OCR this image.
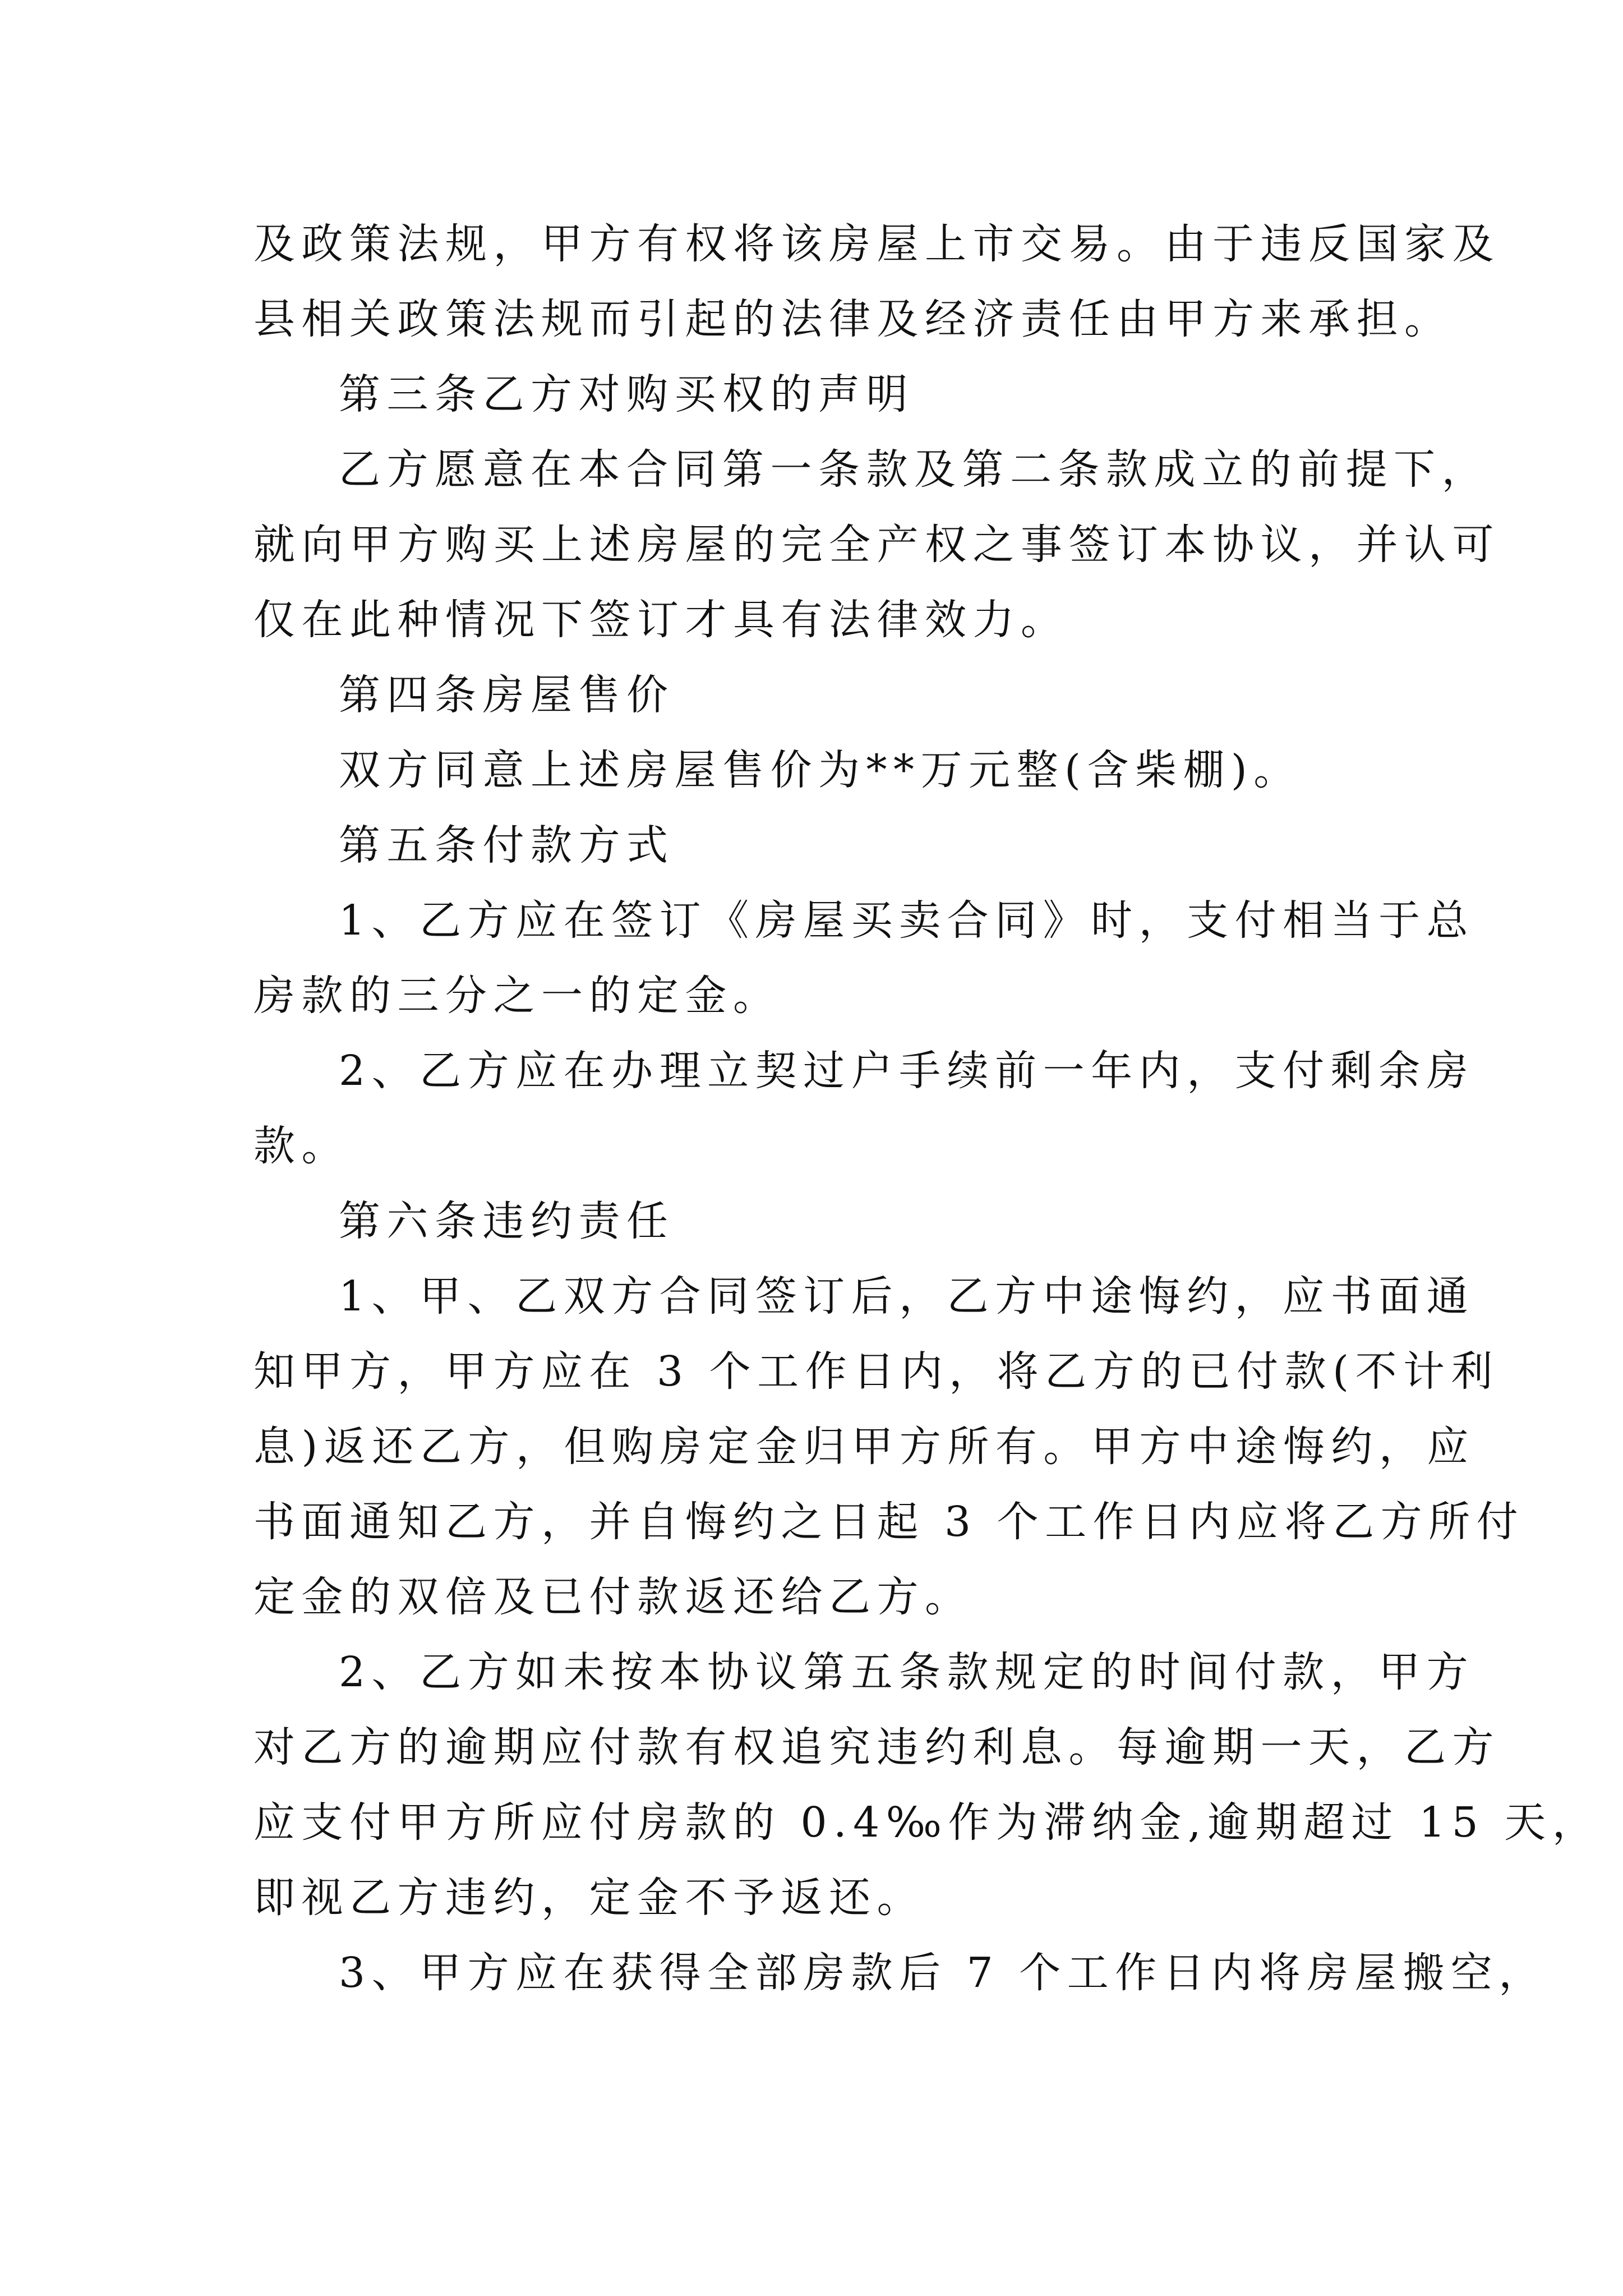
及政策法规，甲方有权将该房屋上市交易。由于违反国家及
县相关政策法规而引起的法律及经济责任由甲方来承担。
第三条乙方对购买权的声明
乙方愿意在本合同第一条款及第二条款成立的前提下，
就向甲方购买上述房屋的完全产权之事签订本协议，并认可
仅在此种情况下签订才具有法律效力。
第四条房屋售价
双方同意上述房屋售价为**万元整(含柴棚)。
第五条付款方式
1、乙方应在签订《房屋买卖合同》时，支付相当于总
房款的三分之一的定金。
2、乙方应在办理立契过户手续前一年内，支付剩余房
款。
第六条违约责任
1、甲、乙双方合同签订后，乙方中途悔约，应书面通
知甲方，甲方应在 3 个工作日内，将乙方的已付款(不计利
息)返还乙方，但购房定金归甲方所有。甲方中途悔约，应
书面通知乙方，并自悔约之日起 3 个工作日内应将乙方所付
定金的双倍及已付款返还给乙方。
2、乙方如未按本协议第五条款规定的时间付款，甲方
对乙方的逾期应付款有权追究违约利息。每逾期一天，乙方
应支付甲方所应付房款的 0.4‰作为滞纳金,逾期超过 15 天，
即视乙方违约，定金不予返还。
3、甲方应在获得全部房款后 7 个工作日内将房屋搬空，
